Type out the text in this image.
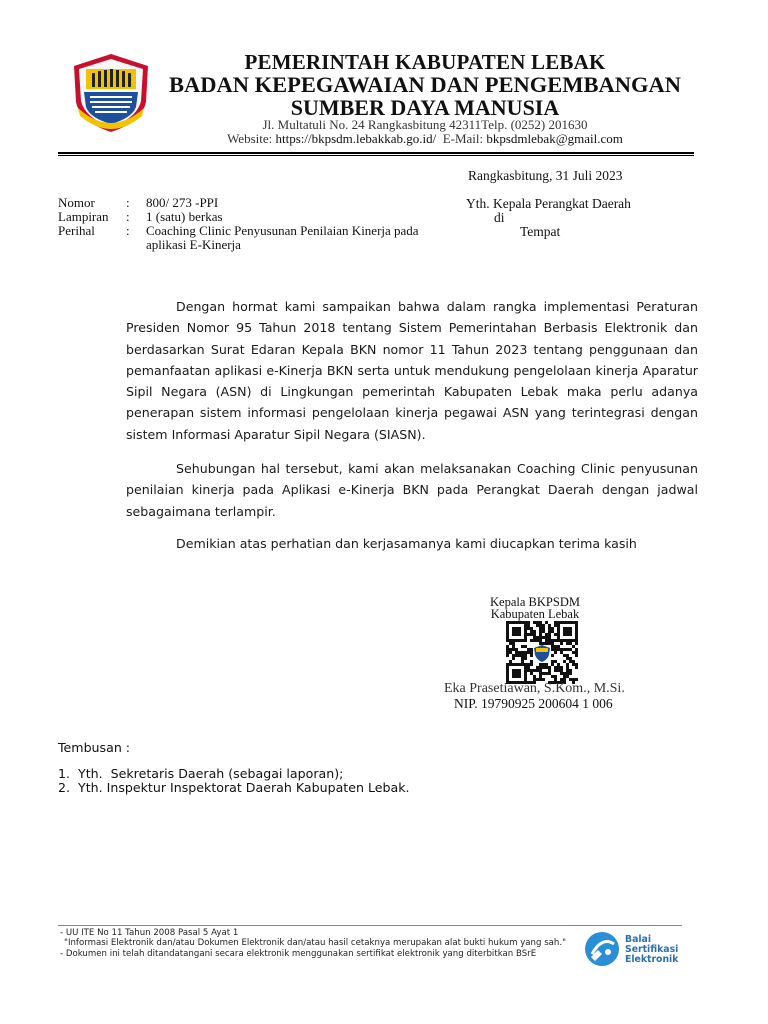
PEMERINTAH KABUPATEN LEBAK
BADAN KEPEGAWAIAN DAN PENGEMBANGAN
SUMBER DAYA MANUSIA
Jl. Multatuli No. 24 Rangkasbitung 42311Telp. (0252) 201630
Website: https://bkpsdm.lebakkab.go.id/  E-Mail: bkpsdmlebak@gmail.com
Rangkasbitung, 31 Juli 2023
Nomor : 800/ 273 -PPI
Lampiran : 1 (satu) berkas
Perihal : Coaching Clinic Penyusunan Penilaian Kinerja pada
aplikasi E-Kinerja
Yth. Kepala Perangkat Daerah
di
Tempat
Dengan hormat kami sampaikan bahwa dalam rangka implementasi Peraturan Presiden Nomor 95 Tahun 2018 tentang Sistem Pemerintahan Berbasis Elektronik dan berdasarkan Surat Edaran Kepala BKN nomor 11 Tahun 2023 tentang penggunaan dan pemanfaatan aplikasi e-Kinerja BKN serta untuk mendukung pengelolaan kinerja Aparatur Sipil Negara (ASN) di Lingkungan pemerintah Kabupaten Lebak maka perlu adanya penerapan sistem informasi pengelolaan kinerja pegawai ASN yang terintegrasi dengan sistem Informasi Aparatur Sipil Negara (SIASN).
Sehubungan hal tersebut, kami akan melaksanakan Coaching Clinic penyusunan penilaian kinerja pada Aplikasi e-Kinerja BKN pada Perangkat Daerah dengan jadwal sebagaimana terlampir.
Demikian atas perhatian dan kerjasamanya kami diucapkan terima kasih
Kepala BKPSDM
Kabupaten Lebak
Eka Prasetiawan, S.Kom., M.Si.
NIP. 19790925 200604 1 006
Tembusan :
1.  Yth.  Sekretaris Daerah (sebagai laporan);
2.  Yth. Inspektur Inspektorat Daerah Kabupaten Lebak.
- UU ITE No 11 Tahun 2008 Pasal 5 Ayat 1
"Informasi Elektronik dan/atau Dokumen Elektronik dan/atau hasil cetaknya merupakan alat bukti hukum yang sah."
- Dokumen ini telah ditandatangani secara elektronik menggunakan sertifikat elektronik yang diterbitkan BSrE
Balai
Sertifikasi
Elektronik
